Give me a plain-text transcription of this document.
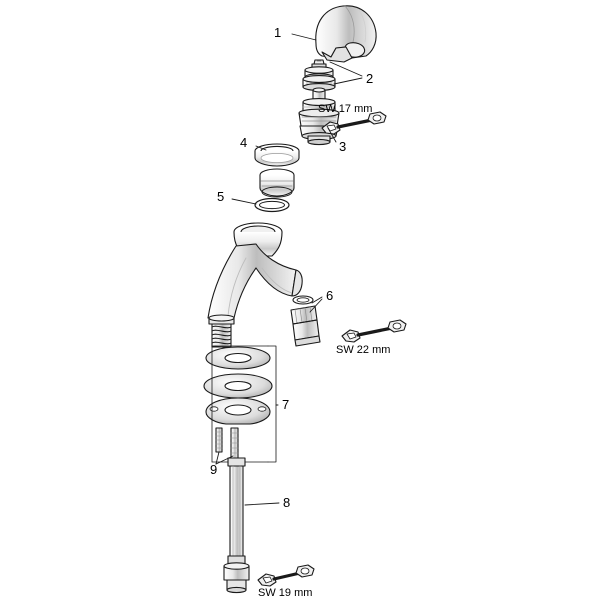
1
2
3
4
5
6
7
8
9
SW 17 mm
SW 22 mm
SW 19 mm
